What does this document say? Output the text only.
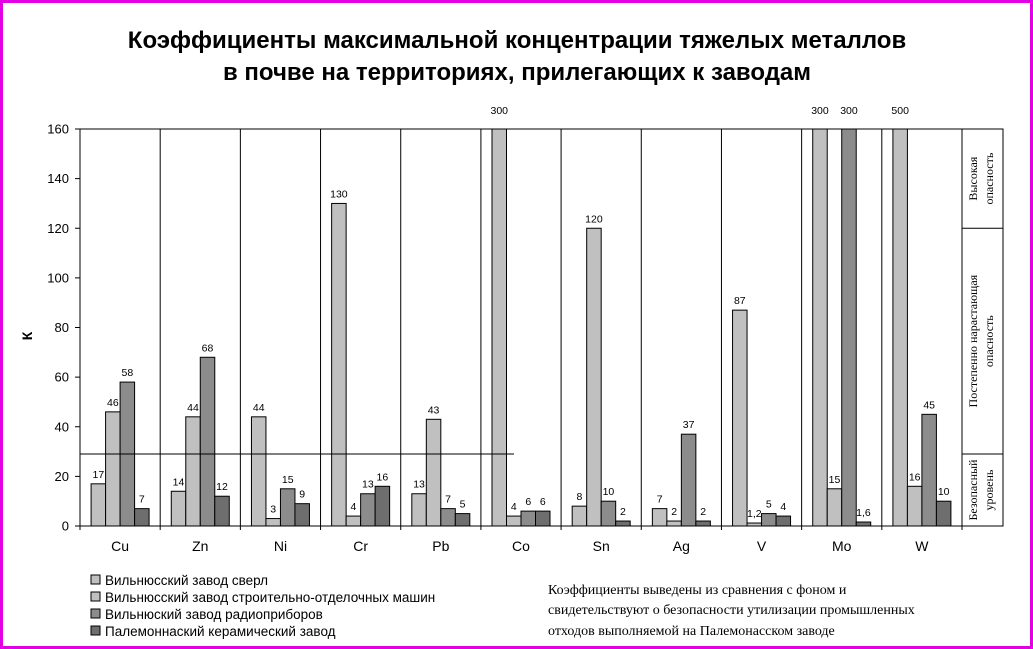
Коэффициенты максимальной концентрации тяжелых металлов
в почве на территориях, прилегающих к заводам
К
0
20
40
60
80
100
120
140
160
17
46
58
7
14
44
68
12
44
3
15
9
130
4
13
16
13
43
7 5
300
4 6 6	8
120
10
2
7
2
37
2
87
1,2
5 4
300
15
300
1,6
500
16
45
10
Cu	Zn	Ni	Cr	Pb	Co	Sn	Ag	V	Mo	W
Высокая опасность
Постепенно нарастающая опасность
Безопасный уровень
Вильнюсский завод сверл
Вильнюсский завод строительно-отделочных машин
Вильнюский завод радиоприборов
Палемоннаский керамический завод
Коэффициенты выведены из сравнения с фоном и
свидетельствуют о безопасности утилизации промышленных
отходов выполняемой на Палемонасском заводе
